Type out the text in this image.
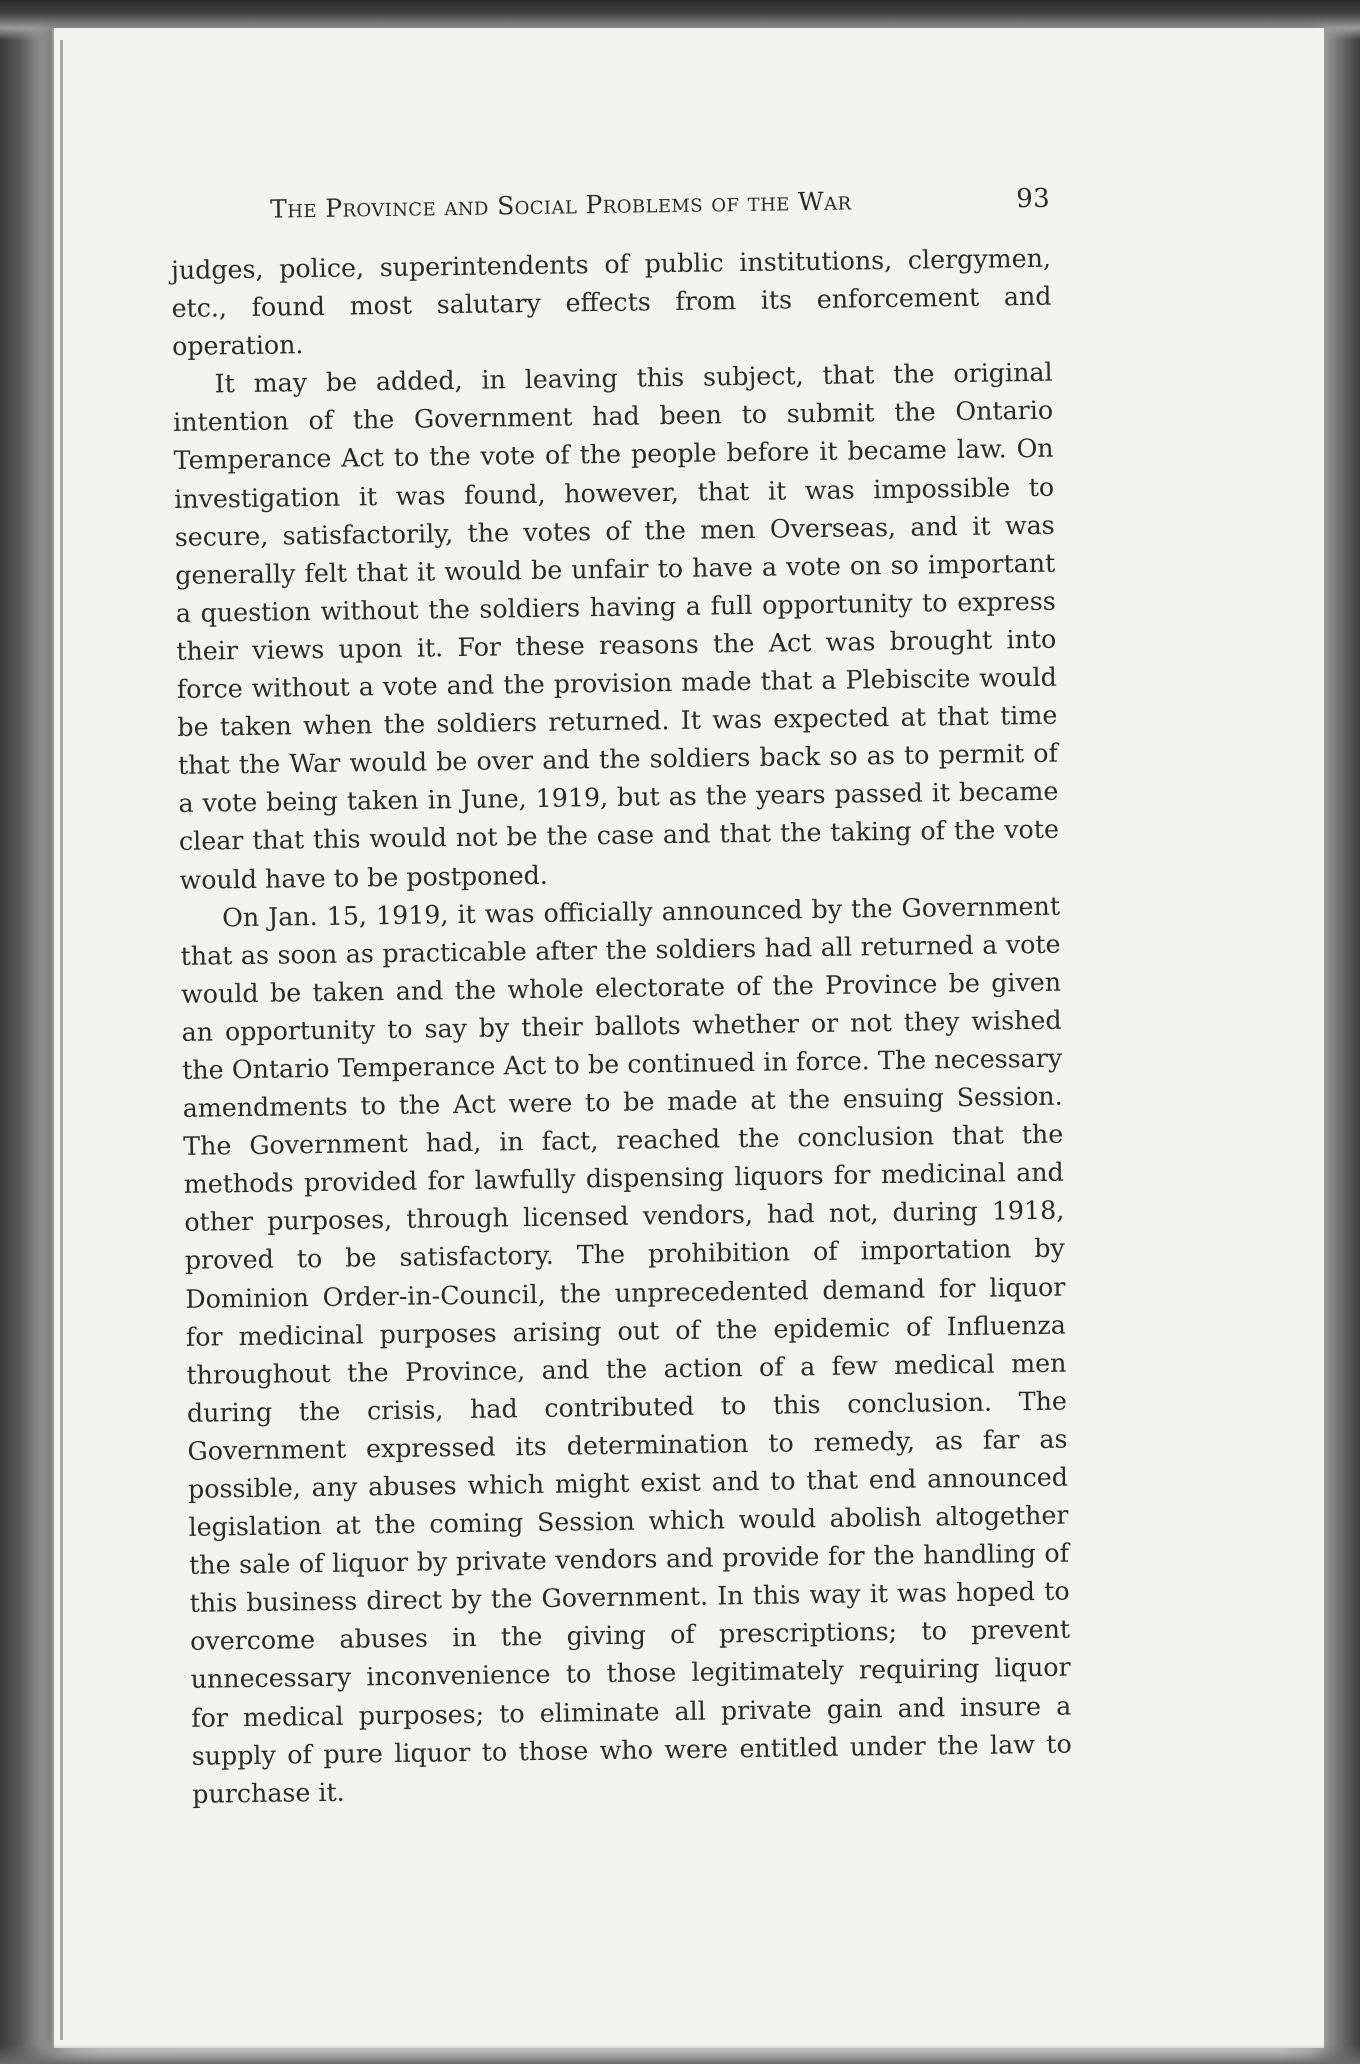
The Province and Social Problems of the War	93

judges, police, superintendents of public institutions, clergymen, etc., found most salutary effects from its enforcement and operation.

It may be added, in leaving this subject, that the original intention of the Government had been to submit the Ontario Temperance Act to the vote of the people before it became law. On investigation it was found, however, that it was impossible to secure, satisfactorily, the votes of the men Overseas, and it was generally felt that it would be unfair to have a vote on so important a question without the soldiers having a full opportunity to express their views upon it. For these reasons the Act was brought into force without a vote and the provision made that a Plebiscite would be taken when the soldiers returned. It was expected at that time that the War would be over and the soldiers back so as to permit of a vote being taken in June, 1919, but as the years passed it became clear that this would not be the case and that the taking of the vote would have to be postponed.

On Jan. 15, 1919, it was officially announced by the Government that as soon as practicable after the soldiers had all returned a vote would be taken and the whole electorate of the Province be given an opportunity to say by their ballots whether or not they wished the Ontario Temperance Act to be continued in force. The necessary amendments to the Act were to be made at the ensuing Session. The Government had, in fact, reached the conclusion that the methods provided for lawfully dispensing liquors for medicinal and other purposes, through licensed vendors, had not, during 1918, proved to be satisfactory. The prohibition of importation by Dominion Order-in-Council, the unprecedented demand for liquor for medicinal purposes arising out of the epidemic of Influenza throughout the Province, and the action of a few medical men during the crisis, had contributed to this conclusion. The Government expressed its determination to remedy, as far as possible, any abuses which might exist and to that end announced legislation at the coming Session which would abolish altogether the sale of liquor by private vendors and provide for the handling of this business direct by the Government. In this way it was hoped to overcome abuses in the giving of prescriptions; to prevent unnecessary inconvenience to those legitimately requiring liquor for medical purposes; to eliminate all private gain and insure a supply of pure liquor to those who were entitled under the law to purchase it.
